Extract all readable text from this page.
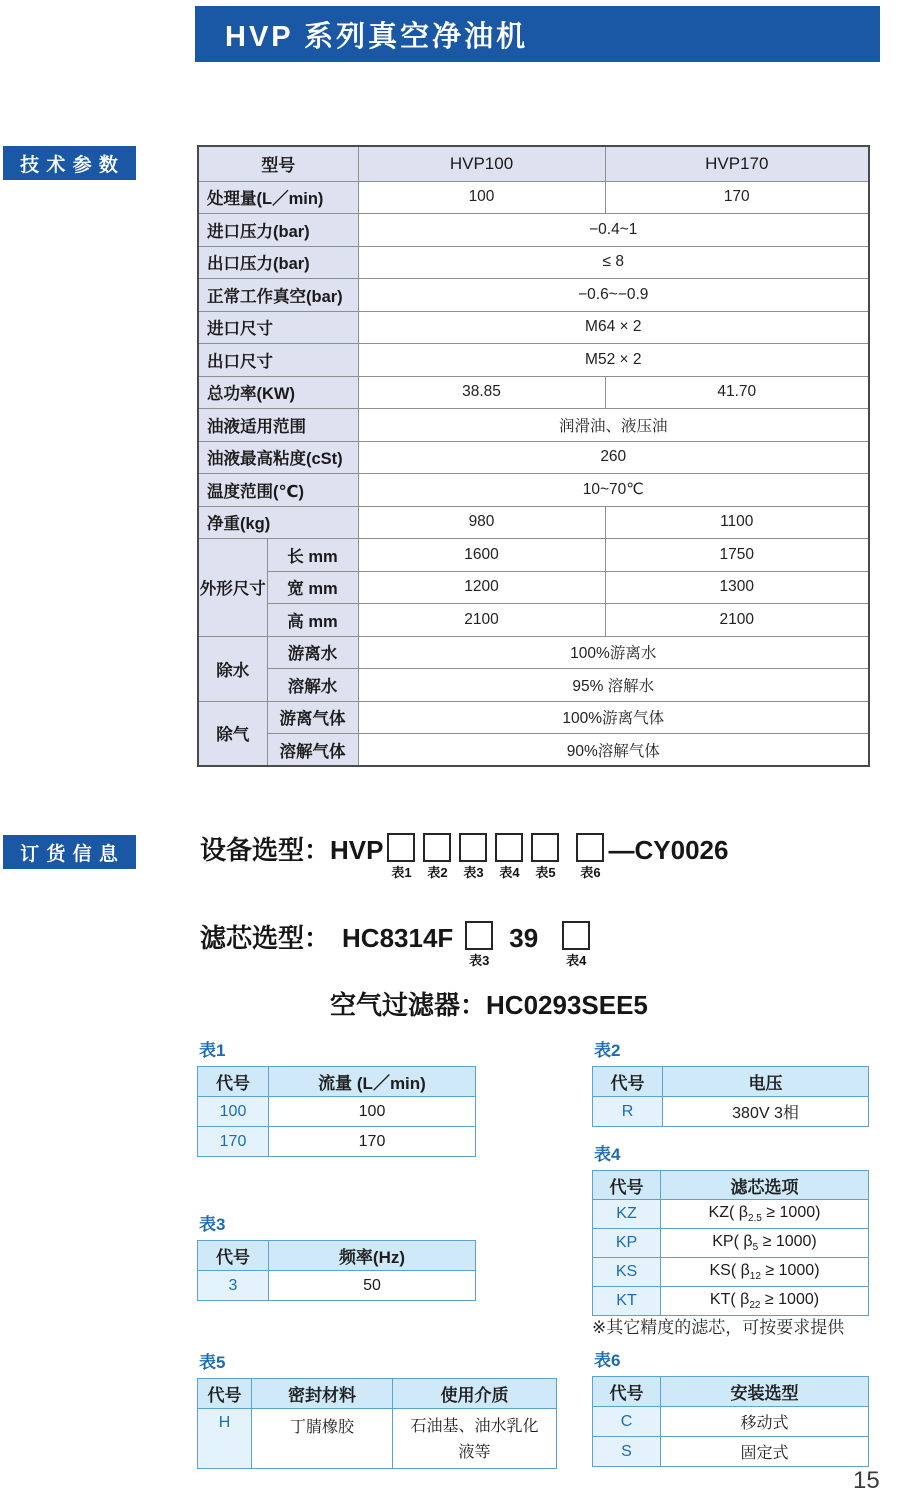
HVP 系列真空净油机
技 术 参 数
订 货 信 息
型号		HVP100	HVP170
处理量(L／min)		100	170
进口压力(bar)		−0.4~1	
出口压力(bar)		≤ 8	
正常工作真空(bar)		−0.6~−0.9	
进口尺寸		M64 × 2	
出口尺寸		M52 × 2	
总功率(KW)		38.85	41.70
油液适用范围		润滑油、液压油	
油液最高粘度(cSt)		260	
温度范围(℃)		10~70℃	
净重(kg)		980	1100
外形尺寸	长 mm	1600	1750
	宽 mm	1200	1300
	高 mm	2100	2100
除水	游离水	100%游离水	
	溶解水	95% 溶解水	
除气	游离气体	100%游离气体	
	溶解气体	90%溶解气体	
设备选型： HVP
表1 表2 表3 表4 表5 表6
—CY0026
滤芯选型： HC8314F
表3
39
表4
空气过滤器： HC0293SEE5
表1
代号	流量 (L／min)
100	100
170	170
表2
代号	电压
R	380V 3相
表3
代号	频率(Hz)
3	50
表4
代号	滤芯选项
KZ	KZ( $\beta_{2.5} \ge 1000$)
KP	KP( $\beta_5 \ge 1000$)
KS	KS( $\beta_{12} \ge 1000$)
KT	KT( $\beta_{22} \ge 1000$)
※其它精度的滤芯，可按要求提供
表5
代号	密封材料	使用介质
H	丁腈橡胶	石油基、油水乳化液等
表6
代号	安装选型
C	移动式
S	固定式
15
